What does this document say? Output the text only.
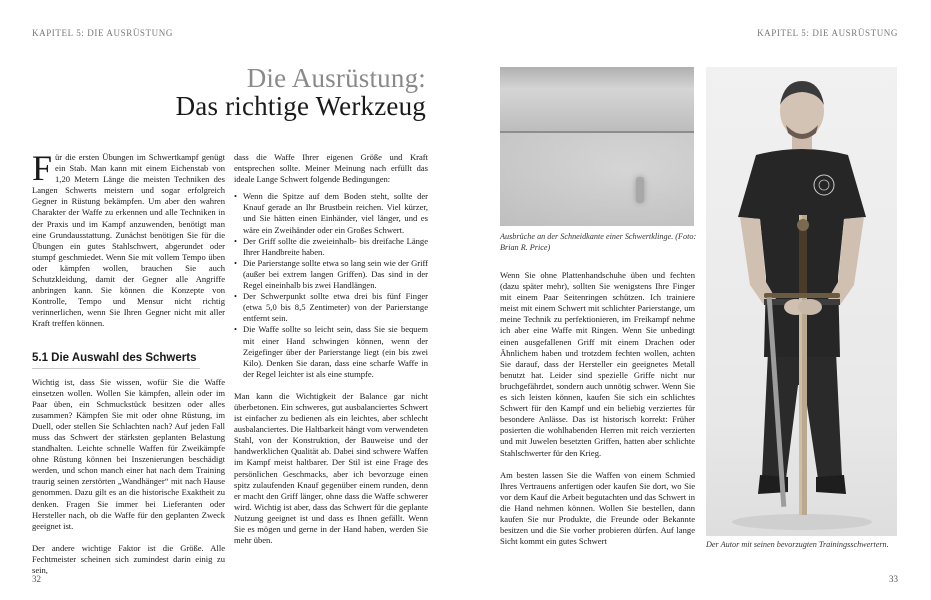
KAPITEL 5: DIE AUSRÜSTUNG
Die Ausrüstung:
Das richtige Werkzeug

Für die ersten Übungen im Schwertkampf genügt ein Stab. Man kann mit einem Eichenstab von 1,20 Metern Länge die meisten Techniken des Langen Schwerts meistern und sogar erfolgreich Gegner in Rüstung bekämpfen. Um aber den wahren Charakter der Waffe zu erkennen und alle Techniken in der Praxis und im Kampf anzuwenden, benötigt man eine Grundausstattung. Zunächst benötigen Sie für die Übungen ein gutes Stahlschwert, abgerundet oder stumpf geschmiedet. Wenn Sie mit vollem Tempo üben oder kämpfen wollen, brauchen Sie auch Schutzkleidung, damit der Gegner alle Angriffe anbringen kann. Sie können die Konzepte von Kontrolle, Tempo und Mensur nicht richtig verinnerlichen, wenn Sie Ihren Gegner nicht mit aller Kraft treffen können.

5.1 Die Auswahl des Schwerts

Wichtig ist, dass Sie wissen, wofür Sie die Waffe einsetzen wollen. Wollen Sie kämpfen, allein oder im Paar üben, ein Schmuckstück besitzen oder alles zusammen? Kämpfen Sie mit oder ohne Rüstung, im Duell, oder stellen Sie Schlachten nach? Auf jeden Fall muss das Schwert der stärksten geplanten Belastung standhalten. Leichte schnelle Waffen für Zweikämpfe ohne Rüstung können bei Inszenierungen beschädigt werden, und schon manch einer hat nach dem Training traurig seinen zerstörten „Wandhänger“ mit nach Hause genommen. Dazu gilt es an die historische Exaktheit zu denken. Fragen Sie immer bei Lieferanten oder Hersteller nach, ob die Waffe für den geplanten Zweck geeignet ist.

Der andere wichtige Faktor ist die Größe. Alle Fechtmeister scheinen sich zumindest darin einig zu sein,

dass die Waffe Ihrer eigenen Größe und Kraft entsprechen sollte. Meiner Meinung nach erfüllt das ideale Lange Schwert folgende Bedingungen:

• Wenn die Spitze auf dem Boden steht, sollte der Knauf gerade an Ihr Brustbein reichen. Viel kürzer, und Sie hätten einen Einhänder, viel länger, und es wäre ein Zweihänder oder ein Großes Schwert.
• Der Griff sollte die zweieinhalb- bis dreifache Länge Ihrer Handbreite haben.
• Die Parierstange sollte etwa so lang sein wie der Griff (außer bei extrem langen Griffen). Das sind in der Regel eineinhalb bis zwei Handlängen.
• Der Schwerpunkt sollte etwa drei bis fünf Finger (etwa 5,0 bis 8,5 Zentimeter) von der Parierstange entfernt sein.
• Die Waffe sollte so leicht sein, dass Sie sie bequem mit einer Hand schwingen können, wenn der Zeigefinger über der Parierstange liegt (ein bis zwei Kilo). Denken Sie daran, dass eine scharfe Waffe in der Regel leichter ist als eine stumpfe.

Man kann die Wichtigkeit der Balance gar nicht überbetonen. Ein schweres, gut ausbalanciertes Schwert ist einfacher zu bedienen als ein leichtes, aber schlecht ausbalanciertes. Die Haltbarkeit hängt vom verwendeten Stahl, von der Konstruktion, der Bauweise und der handwerklichen Qualität ab. Dabei sind schwere Waffen im Kampf meist haltbarer. Der Stil ist eine Frage des persönlichen Geschmacks, aber ich bevorzuge einen spitz zulaufenden Knauf gegenüber einem runden, denn er macht den Griff länger, ohne dass die Waffe schwerer wird. Wichtig ist aber, dass das Schwert für die geplante Nutzung geeignet ist und dass es Ihnen gefällt. Wenn Sie es mögen und gerne in der Hand haben, werden Sie mehr üben.

32
KAPITEL 5: DIE AUSRÜSTUNG
Ausbrüche an der Schneidkante einer Schwertklinge. (Foto: Brian R. Price)

Wenn Sie ohne Plattenhandschuhe üben und fechten (dazu später mehr), sollten Sie wenigstens Ihre Finger mit einem Paar Seitenringen schützen. Ich trainiere meist mit einem Schwert mit schlichter Parierstange, um meine Technik zu perfektionieren, im Freikampf nehme ich aber eine Waffe mit Ringen. Wenn Sie unbedingt einen ausgefallenen Griff mit einem Drachen oder Ähnlichem haben und trotzdem fechten wollen, achten Sie darauf, dass der Hersteller ein geeignetes Metall benutzt hat. Leider sind spezielle Griffe nicht nur bruchgefährdet, sondern auch unnötig schwer. Wenn Sie es sich leisten können, kaufen Sie sich ein schlichtes Schwert für den Kampf und ein beliebig verziertes für besondere Anlässe. Das ist historisch korrekt: Früher posierten die wohlhabenden Herren mit reich verzierten und mit Juwelen besetzten Griffen, hatten aber schlichte Stahlschwerter für den Krieg.

Am besten lassen Sie die Waffen von einem Schmied Ihres Vertrauens anfertigen oder kaufen Sie dort, wo Sie vor dem Kauf die Arbeit begutachten und das Schwert in die Hand nehmen können. Wollen Sie bestellen, dann kaufen Sie nur Produkte, die Freunde oder Bekannte besitzen und die Sie vorher probieren dürfen. Auf lange Sicht kommt ein gutes Schwert	Der Autor mit seinen bevorzugten Trainingsschwertern.
33
